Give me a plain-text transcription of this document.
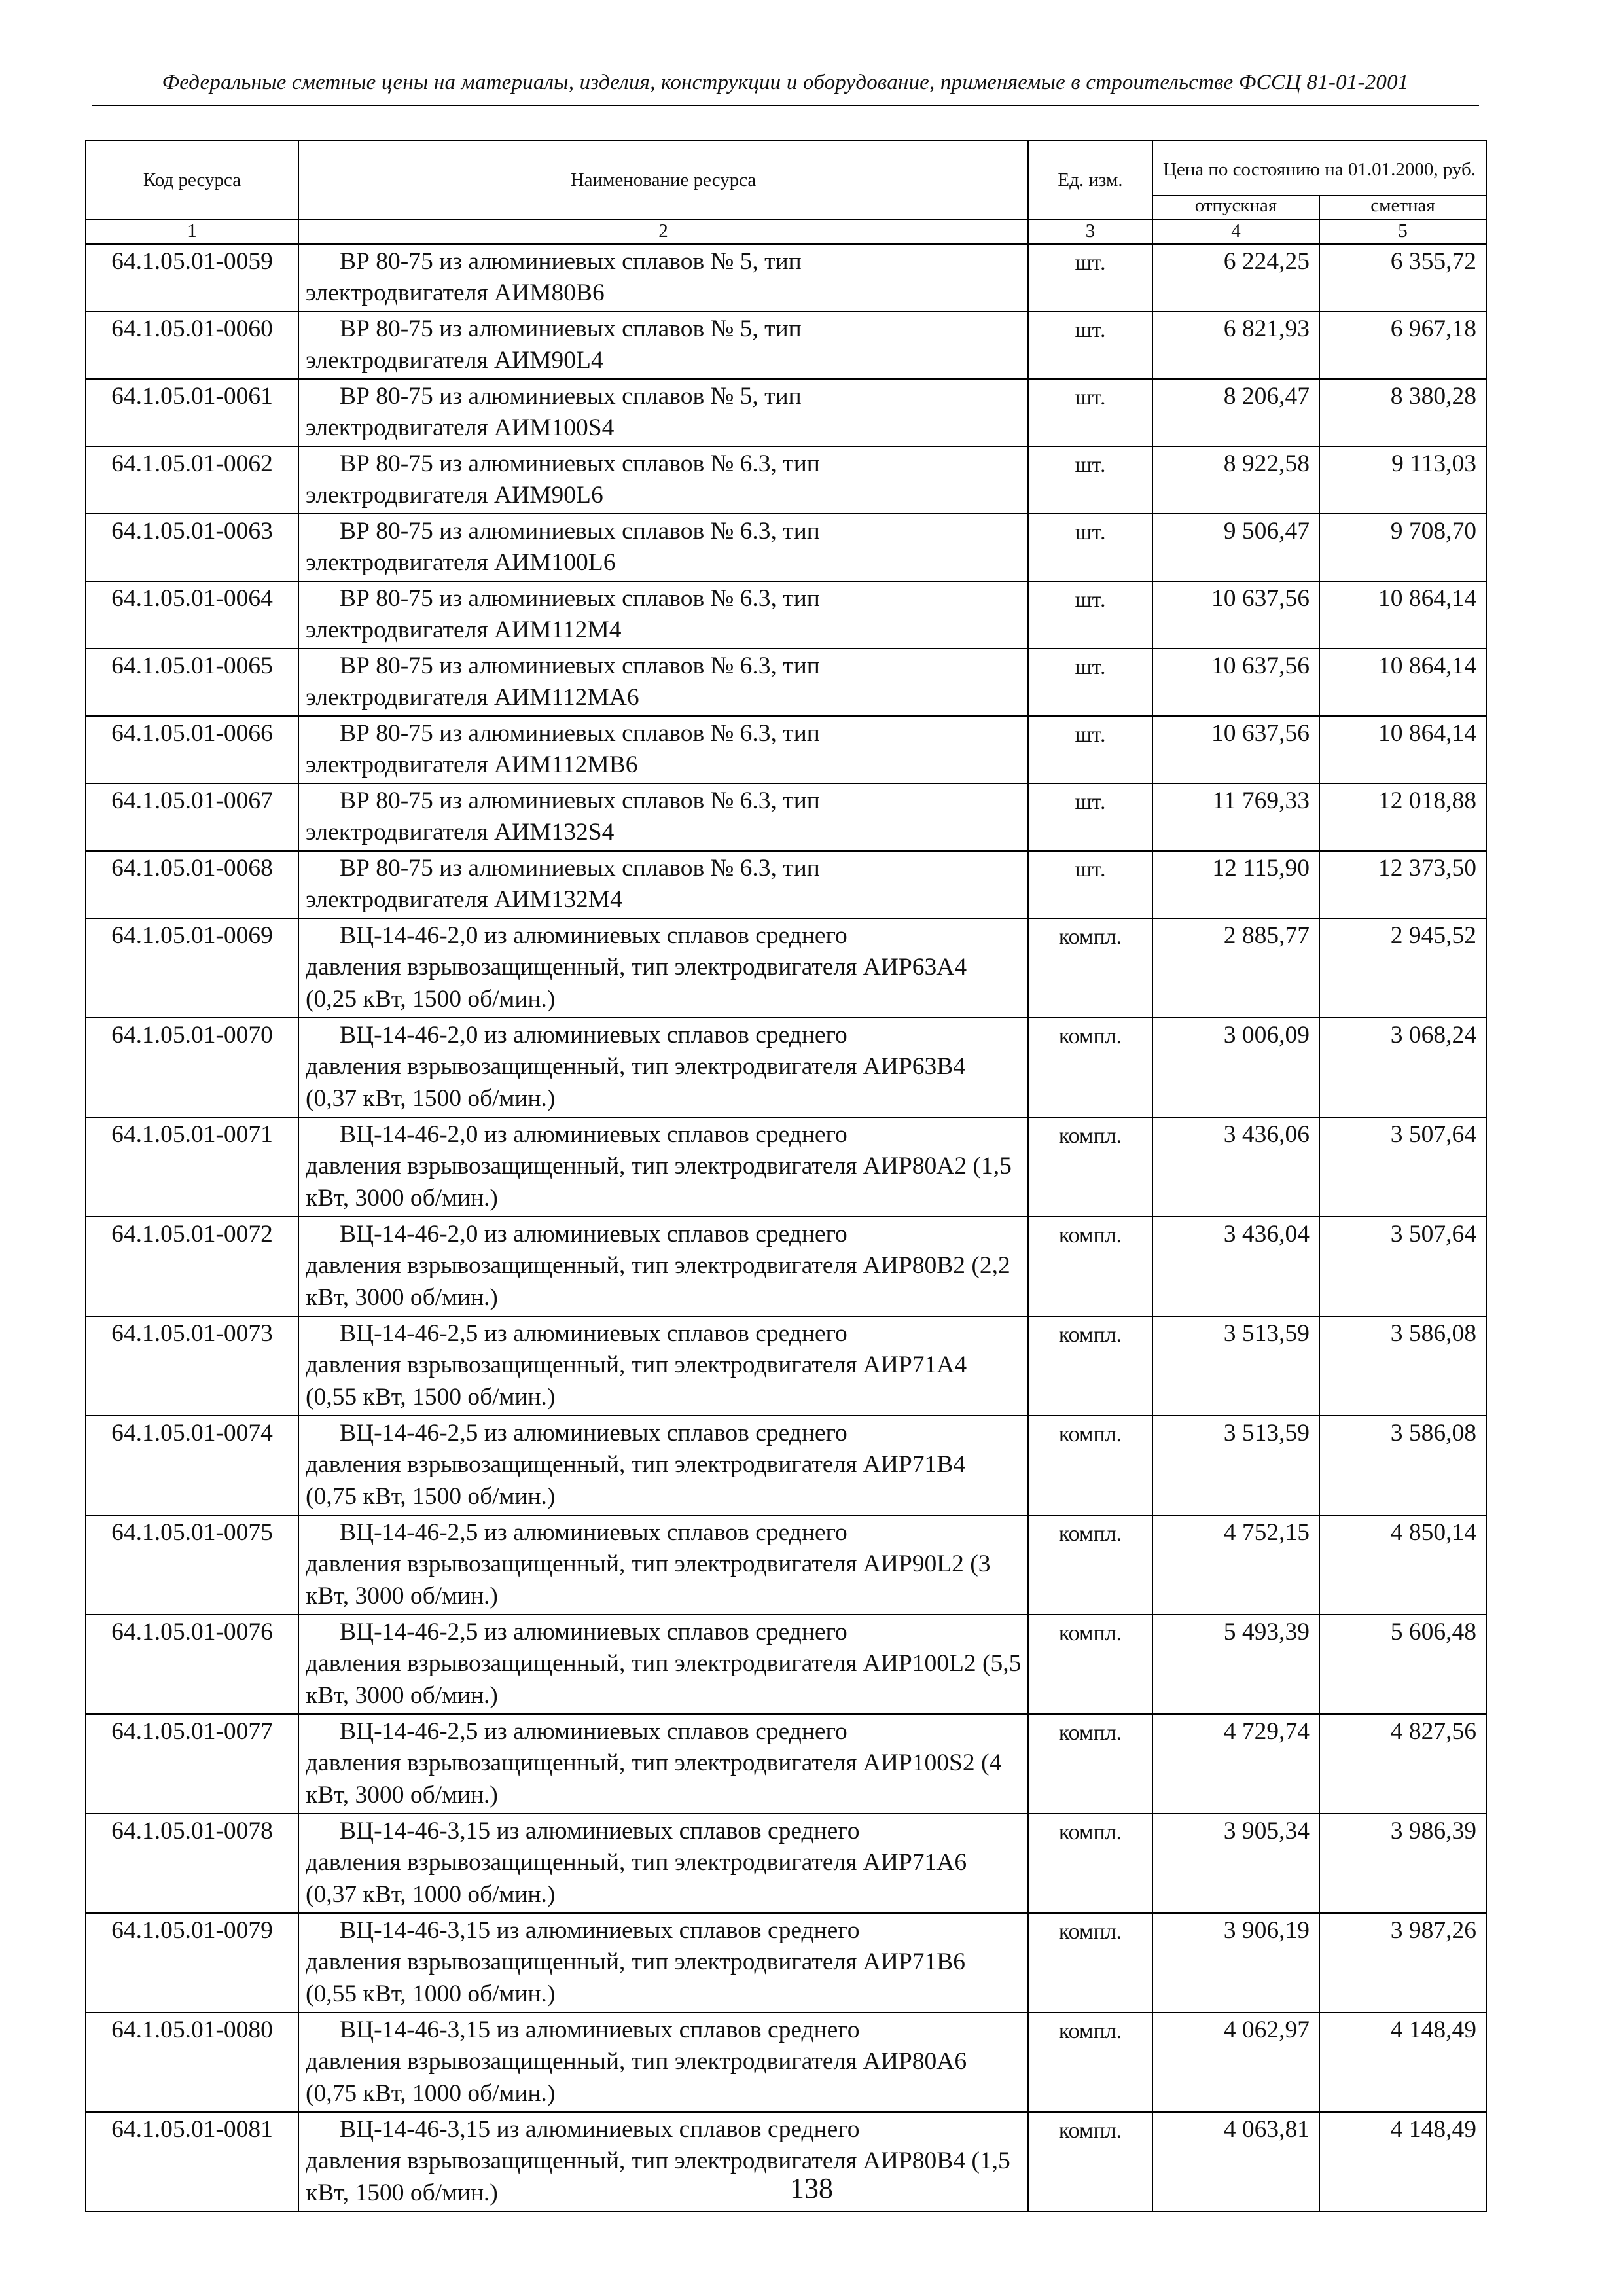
Федеральные сметные цены на материалы, изделия, конструкции и оборудование, применяемые в строительстве ФССЦ 81-01-2001
Код ресурса	Наименование ресурса	Ед. изм.	Цена по состоянию на 01.01.2000, руб.	
			отпускная	сметная
1	2	3	4	5
64.1.05.01-0059	ВР 80-75 из алюминиевых сплавов № 5, тип
электродвигателя АИМ80В6	шт.	6 224,25	6 355,72
64.1.05.01-0060	ВР 80-75 из алюминиевых сплавов № 5, тип
электродвигателя АИМ90L4	шт.	6 821,93	6 967,18
64.1.05.01-0061	ВР 80-75 из алюминиевых сплавов № 5, тип
электродвигателя АИМ100S4	шт.	8 206,47	8 380,28
64.1.05.01-0062	ВР 80-75 из алюминиевых сплавов № 6.3, тип
электродвигателя АИМ90L6	шт.	8 922,58	9 113,03
64.1.05.01-0063	ВР 80-75 из алюминиевых сплавов № 6.3, тип
электродвигателя АИМ100L6	шт.	9 506,47	9 708,70
64.1.05.01-0064	ВР 80-75 из алюминиевых сплавов № 6.3, тип
электродвигателя АИМ112М4	шт.	10 637,56	10 864,14
64.1.05.01-0065	ВР 80-75 из алюминиевых сплавов № 6.3, тип
электродвигателя АИМ112МА6	шт.	10 637,56	10 864,14
64.1.05.01-0066	ВР 80-75 из алюминиевых сплавов № 6.3, тип
электродвигателя АИМ112МВ6	шт.	10 637,56	10 864,14
64.1.05.01-0067	ВР 80-75 из алюминиевых сплавов № 6.3, тип
электродвигателя АИМ132S4	шт.	11 769,33	12 018,88
64.1.05.01-0068	ВР 80-75 из алюминиевых сплавов № 6.3, тип
электродвигателя АИМ132М4	шт.	12 115,90	12 373,50
64.1.05.01-0069	ВЦ-14-46-2,0 из алюминиевых сплавов среднего
давления взрывозащищенный, тип электродвигателя АИР63А4 (0,25 кВт, 1500 об/мин.)	компл.	2 885,77	2 945,52
64.1.05.01-0070	ВЦ-14-46-2,0 из алюминиевых сплавов среднего
давления взрывозащищенный, тип электродвигателя АИР63В4 (0,37 кВт, 1500 об/мин.)	компл.	3 006,09	3 068,24
64.1.05.01-0071	ВЦ-14-46-2,0 из алюминиевых сплавов среднего
давления взрывозащищенный, тип электродвигателя АИР80А2 (1,5 кВт, 3000 об/мин.)	компл.	3 436,06	3 507,64
64.1.05.01-0072	ВЦ-14-46-2,0 из алюминиевых сплавов среднего
давления взрывозащищенный, тип электродвигателя АИР80В2 (2,2 кВт, 3000 об/мин.)	компл.	3 436,04	3 507,64
64.1.05.01-0073	ВЦ-14-46-2,5 из алюминиевых сплавов среднего
давления взрывозащищенный, тип электродвигателя АИР71А4 (0,55 кВт, 1500 об/мин.)	компл.	3 513,59	3 586,08
64.1.05.01-0074	ВЦ-14-46-2,5 из алюминиевых сплавов среднего
давления взрывозащищенный, тип электродвигателя АИР71В4 (0,75 кВт, 1500 об/мин.)	компл.	3 513,59	3 586,08
64.1.05.01-0075	ВЦ-14-46-2,5 из алюминиевых сплавов среднего
давления взрывозащищенный, тип электродвигателя АИР90L2 (3 кВт, 3000 об/мин.)	компл.	4 752,15	4 850,14
64.1.05.01-0076	ВЦ-14-46-2,5 из алюминиевых сплавов среднего
давления взрывозащищенный, тип электродвигателя АИР100L2 (5,5 кВт, 3000 об/мин.)	компл.	5 493,39	5 606,48
64.1.05.01-0077	ВЦ-14-46-2,5 из алюминиевых сплавов среднего
давления взрывозащищенный, тип электродвигателя АИР100S2 (4 кВт, 3000 об/мин.)	компл.	4 729,74	4 827,56
64.1.05.01-0078	ВЦ-14-46-3,15 из алюминиевых сплавов среднего
давления взрывозащищенный, тип электродвигателя АИР71А6 (0,37 кВт, 1000 об/мин.)	компл.	3 905,34	3 986,39
64.1.05.01-0079	ВЦ-14-46-3,15 из алюминиевых сплавов среднего
давления взрывозащищенный, тип электродвигателя АИР71В6 (0,55 кВт, 1000 об/мин.)	компл.	3 906,19	3 987,26
64.1.05.01-0080	ВЦ-14-46-3,15 из алюминиевых сплавов среднего
давления взрывозащищенный, тип электродвигателя АИР80А6 (0,75 кВт, 1000 об/мин.)	компл.	4 062,97	4 148,49
64.1.05.01-0081	ВЦ-14-46-3,15 из алюминиевых сплавов среднего
давления взрывозащищенный, тип электродвигателя АИР80В4 (1,5 кВт, 1500 об/мин.)	компл.	4 063,81	4 148,49
138
